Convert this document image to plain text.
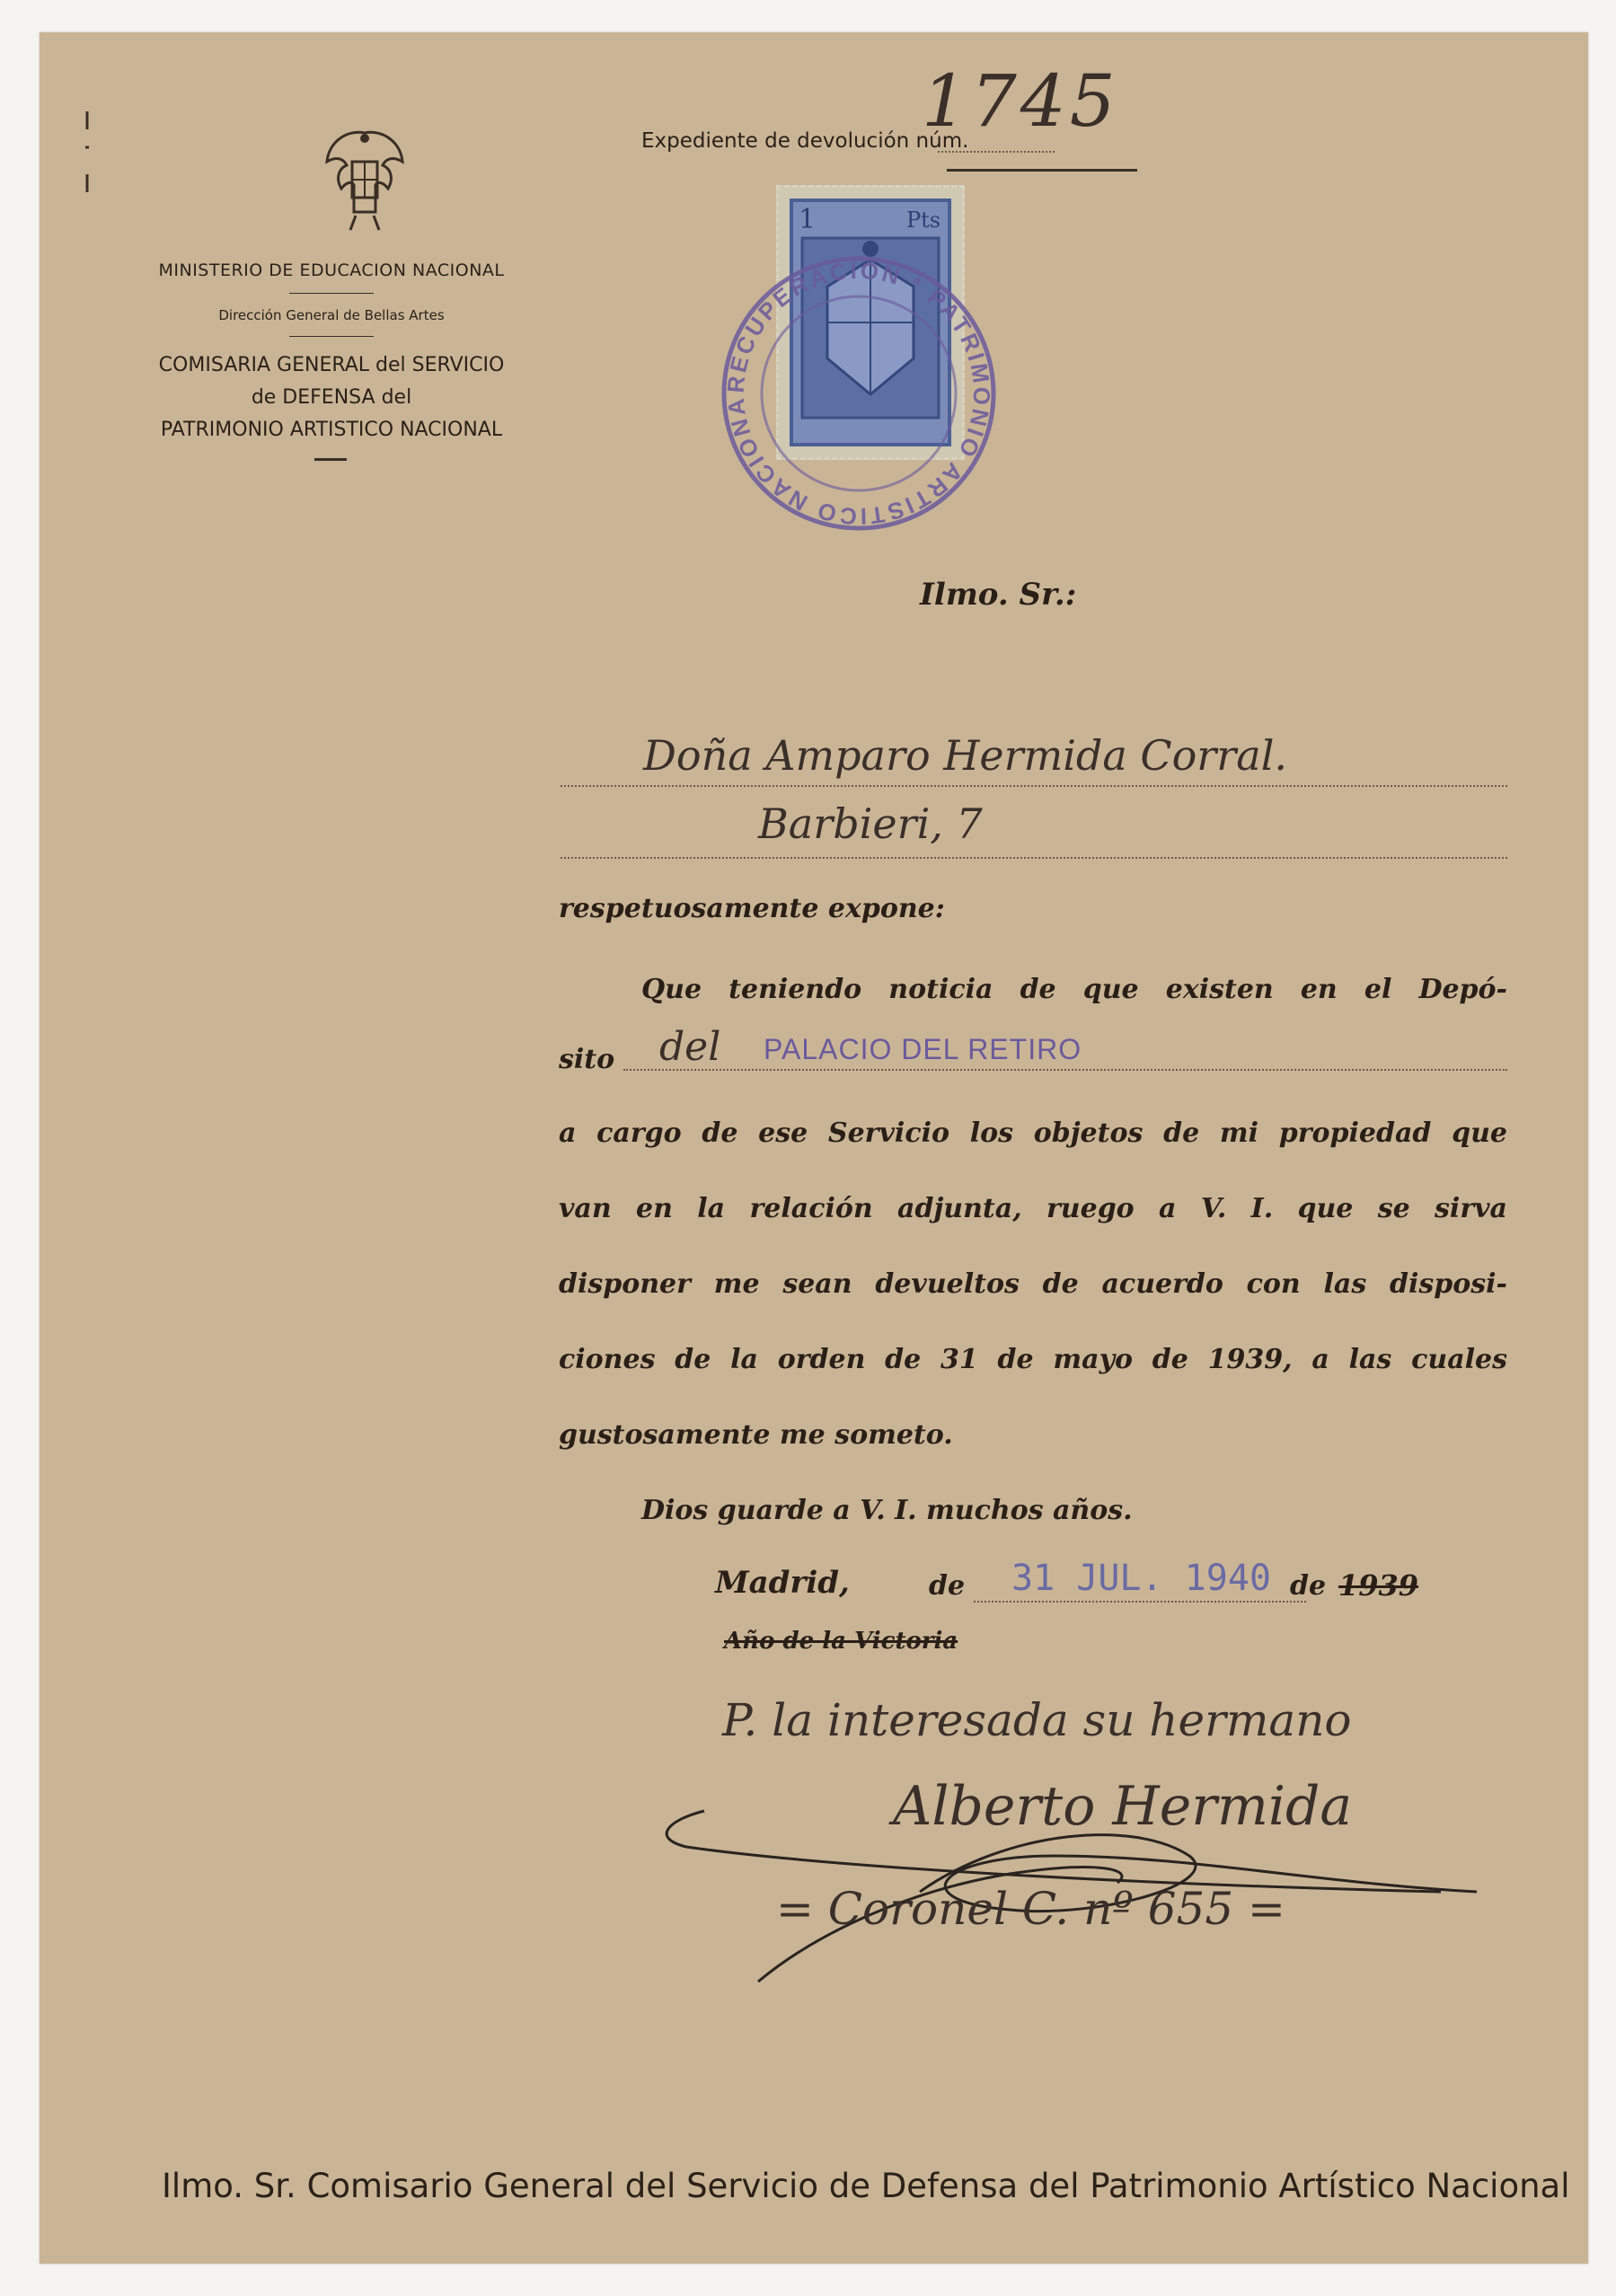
MINISTERIO DE EDUCACION NACIONAL
Dirección General de Bellas Artes
COMISARIA GENERAL del SERVICIO
de DEFENSA del
PATRIMONIO ARTISTICO NACIONAL
Expediente de devolución núm.
1745
1	Pts
RECUPERACION * PATRIMONIO ARTISTICO NACIONA
Ilmo. Sr.:
Doña Amparo Hermida Corral.
Barbieri, 7
respetuosamente expone:
Que teniendo noticia de que existen en el Depó-
sito del PALACIO DEL RETIRO
a cargo de ese Servicio los objetos de mi propiedad que
van en la relación adjunta, ruego a V. I. que se sirva
disponer me sean devueltos de acuerdo con las disposi-
ciones de la orden de 31 de mayo de 1939, a las cuales
gustosamente me someto.
Dios guarde a V. I. muchos años.
Madrid,	de 31 JUL. 1940 de 1939
Año de la Victoria
P. la interesada su hermano
Alberto Hermida
= Coronel C. nº 655 =
Ilmo. Sr. Comisario General del Servicio de Defensa del Patrimonio Artístico Nacional
